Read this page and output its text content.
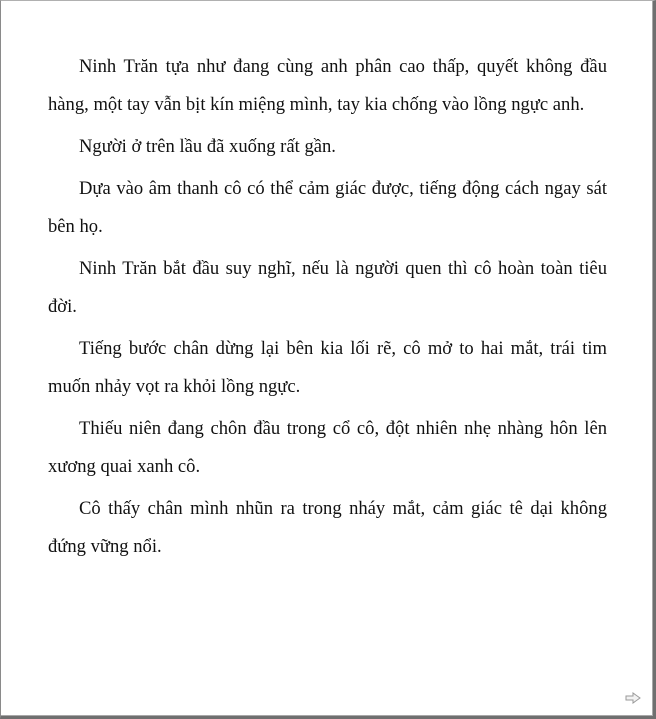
Ninh Trăn tựa như đang cùng anh phân cao thấp, quyết không đầu hàng, một tay vẫn bịt kín miệng mình, tay kia chống vào lồng ngực anh.

Người ở trên lầu đã xuống rất gần.

Dựa vào âm thanh cô có thể cảm giác được, tiếng động cách ngay sát bên họ.

Ninh Trăn bắt đầu suy nghĩ, nếu là người quen thì cô hoàn toàn tiêu đời.

Tiếng bước chân dừng lại bên kia lối rẽ, cô mở to hai mắt, trái tim muốn nhảy vọt ra khỏi lồng ngực.

Thiếu niên đang chôn đầu trong cổ cô, đột nhiên nhẹ nhàng hôn lên xương quai xanh cô.

Cô thấy chân mình nhũn ra trong nháy mắt, cảm giác tê dại không đứng vững nổi.
